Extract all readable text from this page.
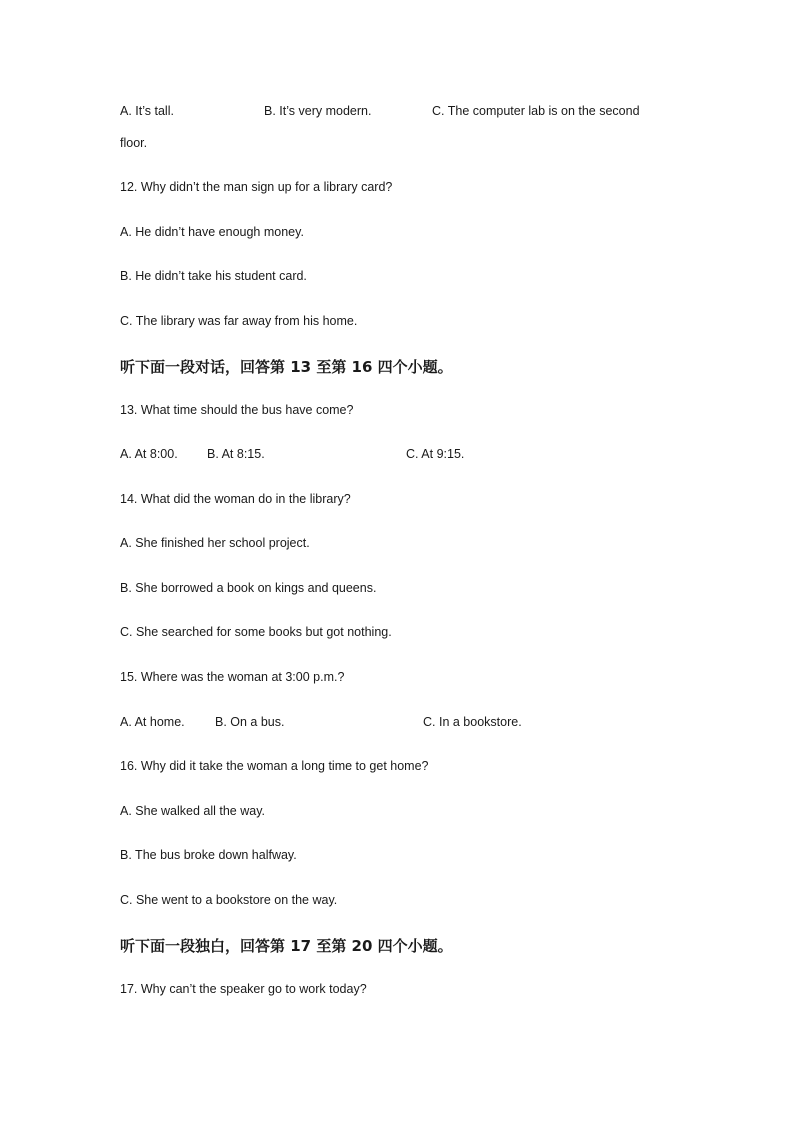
A. It’s tall.	B. It’s very modern.	C. The computer lab is on the second
floor.
12. Why didn’t the man sign up for a library card?
A. He didn’t have enough money.
B. He didn’t take his student card.
C. The library was far away from his home.
听下面一段对话，回答第 13 至第 16 四个小题。
13. What time should the bus have come?
A. At 8:00. B. At 8:15.	C. At 9:15.
14. What did the woman do in the library?
A. She finished her school project.
B. She borrowed a book on kings and queens.
C. She searched for some books but got nothing.
15. Where was the woman at 3:00 p.m.?
A. At home. B. On a bus.	C. In a bookstore.
16. Why did it take the woman a long time to get home?
A. She walked all the way.
B. The bus broke down halfway.
C. She went to a bookstore on the way.
听下面一段独白，回答第 17 至第 20 四个小题。
17. Why can’t the speaker go to work today?
